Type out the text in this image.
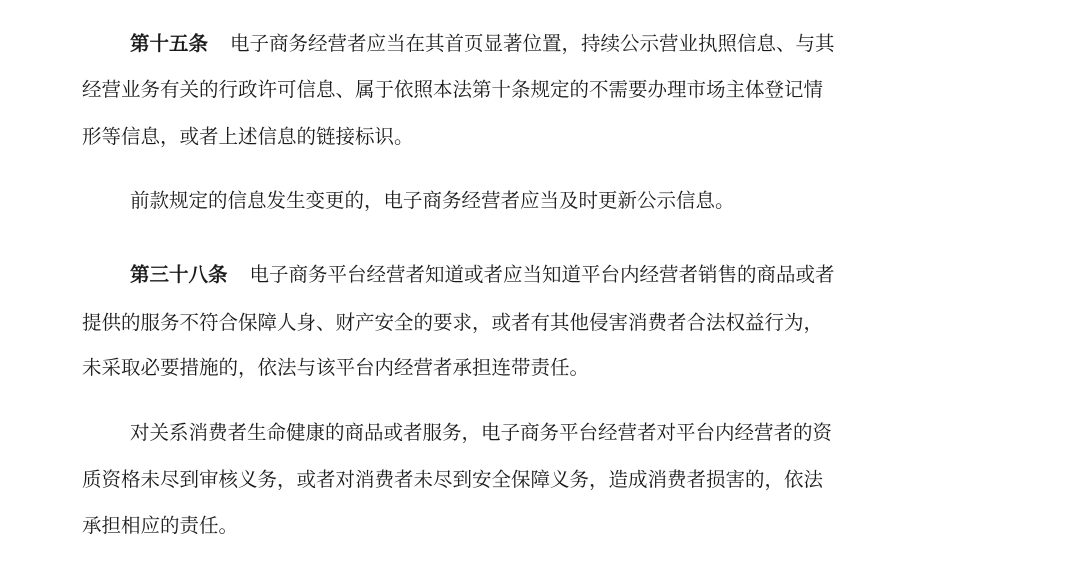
第十五条 电子商务经营者应当在其首页显著位置，持续公示营业执照信息、与其
经营业务有关的行政许可信息、属于依照本法第十条规定的不需要办理市场主体登记情
形等信息，或者上述信息的链接标识。
前款规定的信息发生变更的，电子商务经营者应当及时更新公示信息。
第三十八条 电子商务平台经营者知道或者应当知道平台内经营者销售的商品或者
提供的服务不符合保障人身、财产安全的要求，或者有其他侵害消费者合法权益行为，
未采取必要措施的，依法与该平台内经营者承担连带责任。
对关系消费者生命健康的商品或者服务，电子商务平台经营者对平台内经营者的资
质资格未尽到审核义务，或者对消费者未尽到安全保障义务，造成消费者损害的，依法
承担相应的责任。
